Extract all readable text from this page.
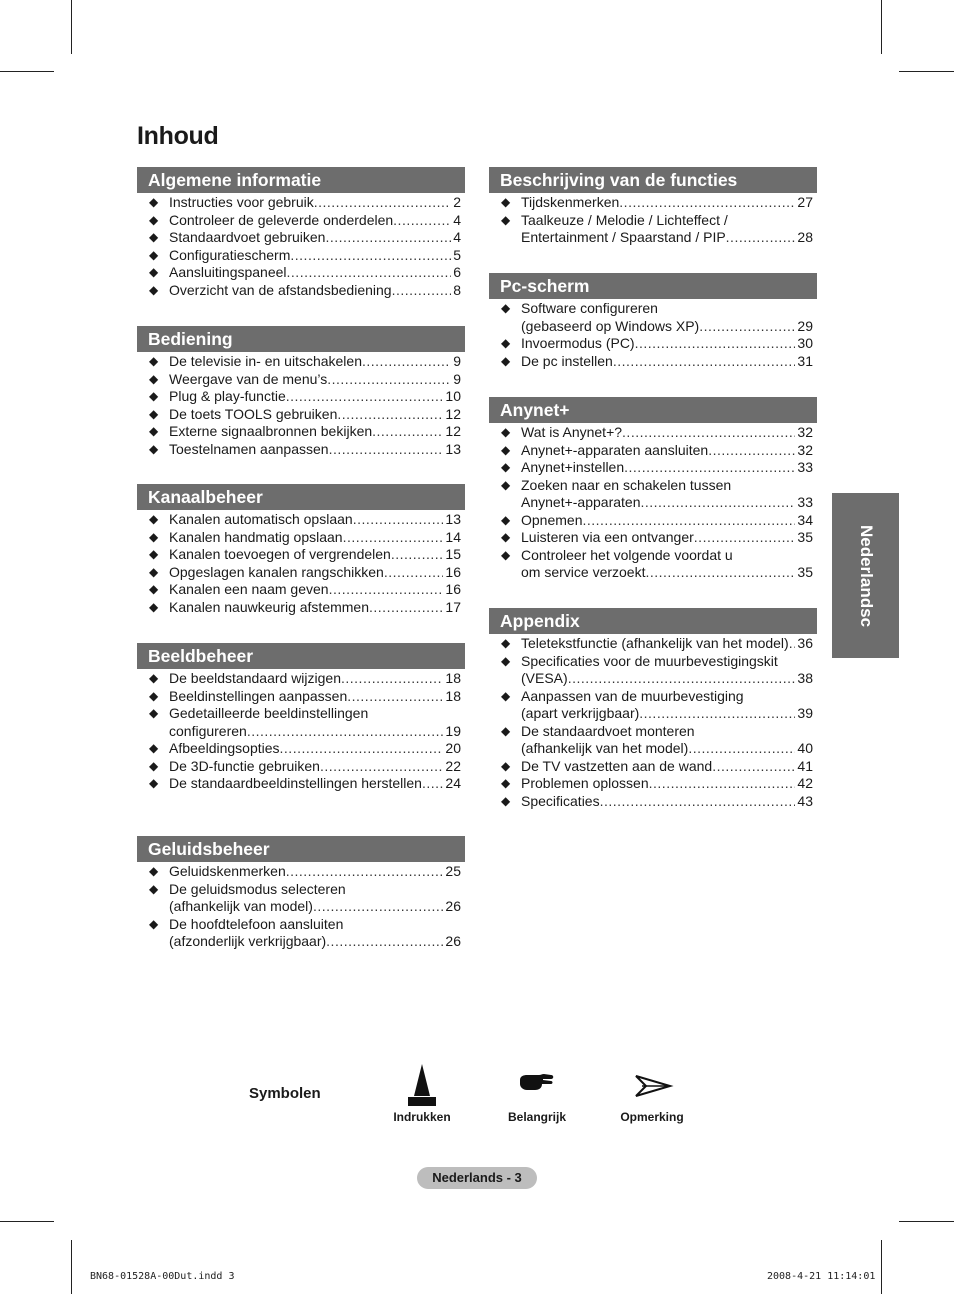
Inhoud
Algemene informatie
◆ Instructies voor gebruik .....	2
◆ Controleer de geleverde onderdelen .....	4
◆ Standaardvoet gebruiken .....	4
◆ Configuratiescherm .....	5
◆ Aansluitingspaneel .....	6
◆ Overzicht van de afstandsbediening .....	8
Bediening
◆ De televisie in- en uitschakelen .....	9
◆ Weergave van de menu’s .....	9
◆ Plug & play-functie .....	10
◆ De toets TOOLS gebruiken .....	12
◆ Externe signaalbronnen bekijken .....	12
◆ Toestelnamen aanpassen .....	13
Kanaalbeheer
◆ Kanalen automatisch opslaan .....	13
◆ Kanalen handmatig opslaan .....	14
◆ Kanalen toevoegen of vergrendelen .....	15
◆ Opgeslagen kanalen rangschikken .....	16
◆ Kanalen een naam geven .....	16
◆ Kanalen nauwkeurig afstemmen .....	17
Beeldbeheer
◆ De beeldstandaard wijzigen .....	18
◆ Beeldinstellingen aanpassen .....	18
◆ Gedetailleerde beeldinstellingen
configureren .....	19
◆ Afbeeldingsopties .....	20
◆ De 3D-functie gebruiken .....	22
◆ De standaardbeeldinstellingen herstellen ..... 24
Geluidsbeheer
◆ Geluidskenmerken .....	25
◆ De geluidsmodus selecteren
(afhankelijk van model) .....	26
◆ De hoofdtelefoon aansluiten
(afzonderlijk verkrijgbaar) .....	26
Beschrijving van de functies
◆ Tijdskenmerken .....	27
◆ Taalkeuze / Melodie / Lichteffect /
Entertainment / Spaarstand / PIP .....	28
Pc-scherm
◆ Software configureren
(gebaseerd op Windows XP) .....	29
◆ Invoermodus (PC) .....	30
◆ De pc instellen .....	31
Anynet+
◆ Wat is Anynet+? .....	32
◆ Anynet+-apparaten aansluiten .....	32
◆ Anynet+instellen .....	33
◆ Zoeken naar en schakelen tussen
Anynet+-apparaten .....	33
◆ Opnemen .....	34
◆ Luisteren via een ontvanger .....	35
◆ Controleer het volgende voordat u
om service verzoekt .....	35
Appendix
◆ Teletekstfunctie (afhankelijk van het model) ..... 36
◆ Specificaties voor de muurbevestigingskit
(VESA) .....	38
◆ Aanpassen van de muurbevestiging
(apart verkrijgbaar) .....	39
◆ De standaardvoet monteren
(afhankelijk van het model) .....	40
◆ De TV vastzetten aan de wand .....	41
◆ Problemen oplossen .....	42
◆ Specificaties .....	43
Nederlandsc
Symbolen
Indrukken	Belangrijk	Opmerking
Nederlands - 3
BN68-01528A-00Dut.indd 3	2008-4-21 11:14:01
